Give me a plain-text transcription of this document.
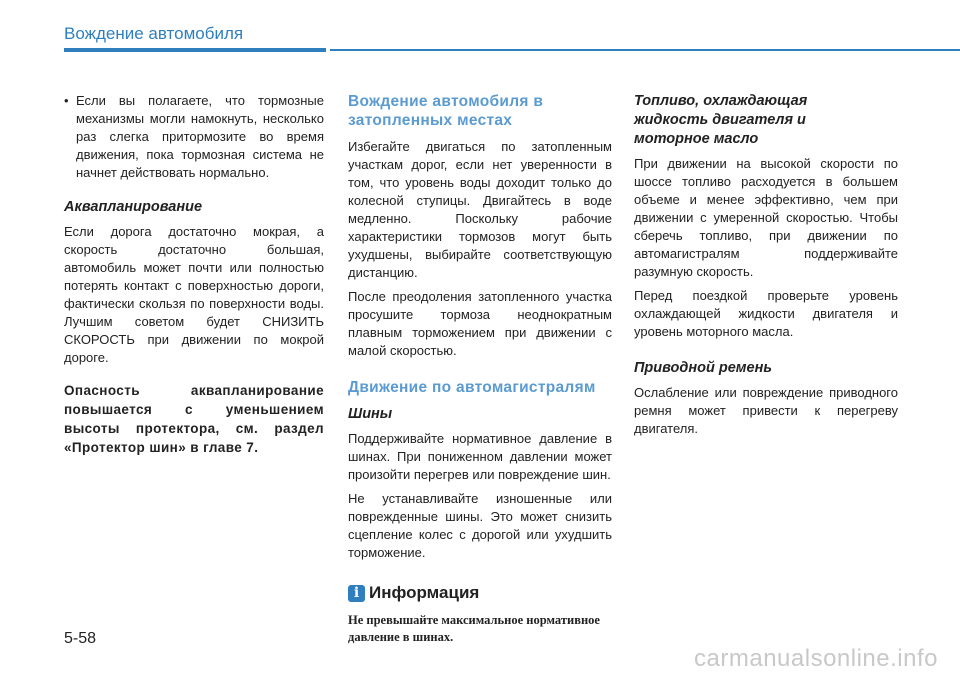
Вождение автомобиля
• Если вы полагаете, что тормозные механизмы могли намокнуть, несколько раз слегка притормозите во время движения, пока тормозная система не начнет действовать нормально.
Аквапланирование

Если дорога достаточно мокрая, а скорость достаточно большая, автомобиль может почти или полностью потерять контакт с поверхностью дороги, фактически скользя по поверхности воды. Лучшим советом будет СНИЗИТЬ СКОРОСТЬ при движении по мокрой дороге.

Опасность аквапланирование повышается с уменьшением высоты протектора, см. раздел «Протектор шин» в главе 7.

Вождение автомобиля в затопленных местах

Избегайте двигаться по затопленным участкам дорог, если нет уверенности в том, что уровень воды доходит только до колесной ступицы. Двигайтесь в воде медленно. Поскольку рабочие характеристики тормозов могут быть ухудшены, выбирайте соответствующую дистанцию.

После преодоления затопленного участка просушите тормоза неоднократным плавным торможением при движении с малой скоростью.

Движение по автомагистралям
Шины

Поддерживайте нормативное давление в шинах. При пониженном давлении может произойти перегрев или повреждение шин.

Не устанавливайте изношенные или поврежденные шины. Это может снизить сцепление колес с дорогой или ухудшить торможение.

i Информация

Не превышайте максимальное нормативное давление в шинах.

Топливо, охлаждающая жидкость двигателя и моторное масло

При движении на высокой скорости по шоссе топливо расходуется в большем объеме и менее эффективно, чем при движении с умеренной скоростью. Чтобы сберечь топливо, при движении по автомагистралям поддерживайте разумную скорость.

Перед поездкой проверьте уровень охлаждающей жидкости двигателя и уровень моторного масла.

Приводной ремень

Ослабление или повреждение приводного ремня может привести к перегреву двигателя.

5-58
carmanualsonline.info
